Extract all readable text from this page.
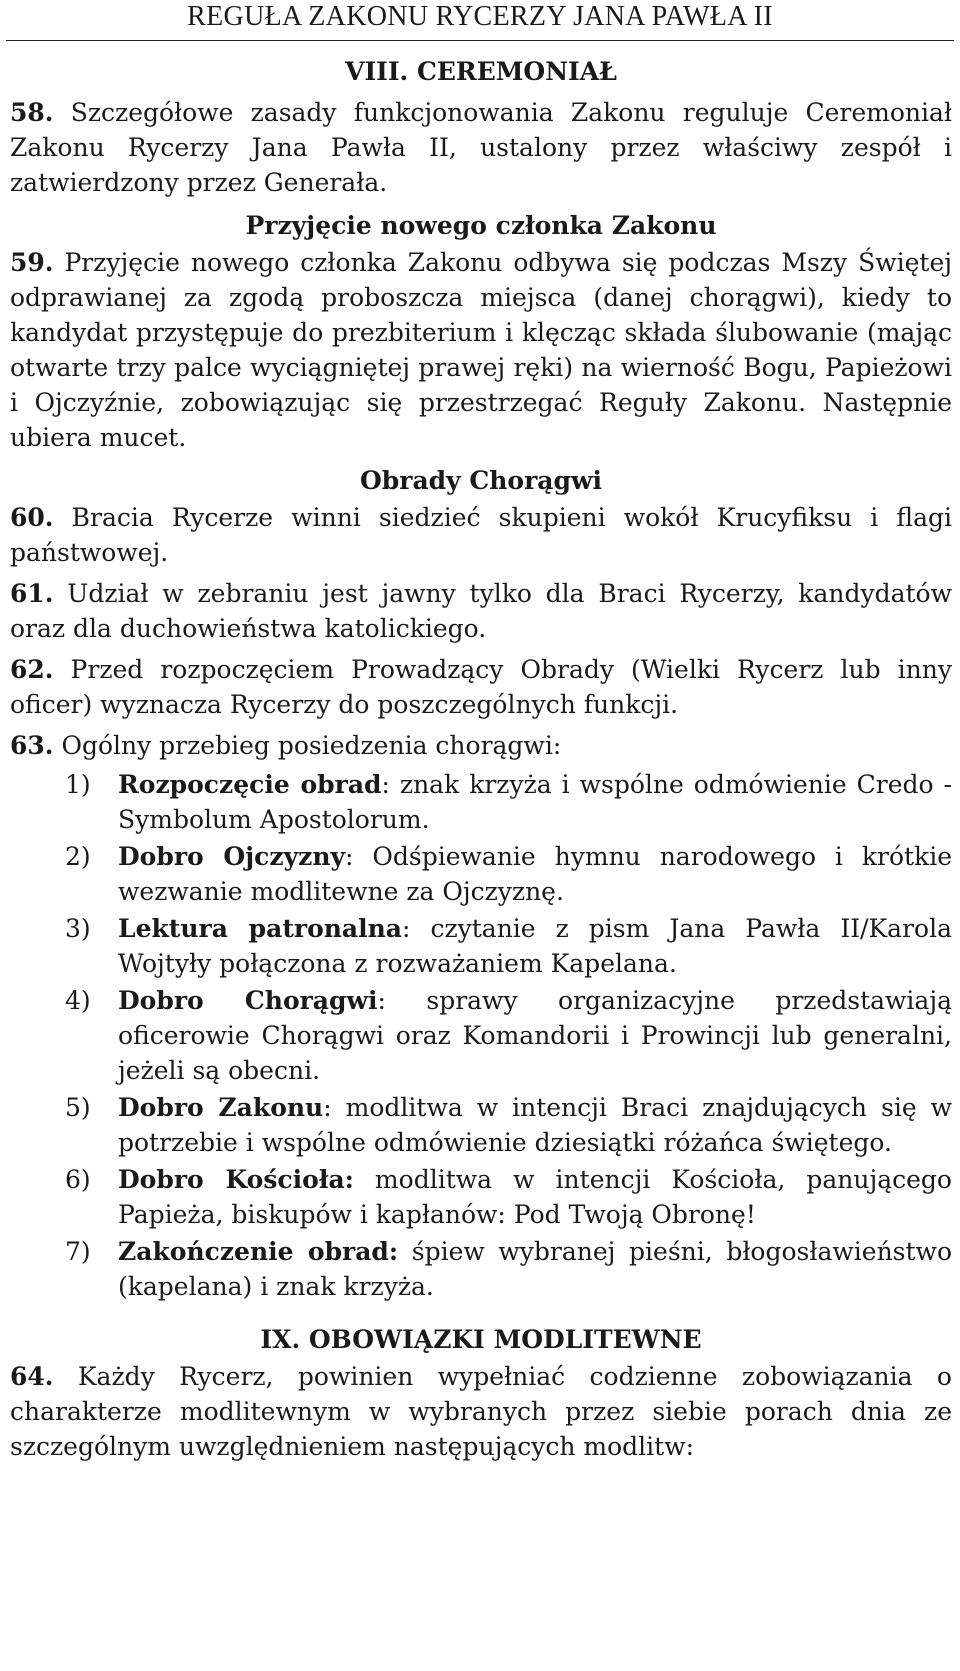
REGUŁA ZAKONU RYCERZY JANA PAWŁA II
VIII. CEREMONIAŁ
58. Szczegółowe zasady funkcjonowania Zakonu reguluje Ceremoniał Zakonu Rycerzy Jana Pawła II, ustalony przez właściwy zespół i zatwierdzony przez Generała.
Przyjęcie nowego członka Zakonu
59. Przyjęcie nowego członka Zakonu odbywa się podczas Mszy Świętej odprawianej za zgodą proboszcza miejsca (danej chorągwi), kiedy to kandydat przystępuje do prezbiterium i klęcząc składa ślubowanie (mając otwarte trzy palce wyciągniętej prawej ręki) na wierność Bogu, Papieżowi i Ojczyźnie, zobowiązując się przestrzegać Reguły Zakonu. Następnie ubiera mucet.
Obrady Chorągwi
60. Bracia Rycerze winni siedzieć skupieni wokół Krucyfiksu i flagi państwowej.
61. Udział w zebraniu jest jawny tylko dla Braci Rycerzy, kandydatów oraz dla duchowieństwa katolickiego.
62. Przed rozpoczęciem Prowadzący Obrady (Wielki Rycerz lub inny oficer) wyznacza Rycerzy do poszczególnych funkcji.
63. Ogólny przebieg posiedzenia chorągwi:
1) Rozpoczęcie obrad: znak krzyża i wspólne odmówienie Credo - Symbolum Apostolorum.
2) Dobro Ojczyzny: Odśpiewanie hymnu narodowego i krótkie wezwanie modlitewne za Ojczyznę.
3) Lektura patronalna: czytanie z pism Jana Pawła II/Karola Wojtyły połączona z rozważaniem Kapelana.
4) Dobro Chorągwi: sprawy organizacyjne przedstawiają oficerowie Chorągwi oraz Komandorii i Prowincji lub generalni, jeżeli są obecni.
5) Dobro Zakonu: modlitwa w intencji Braci znajdujących się w potrzebie i wspólne odmówienie dziesiątki różańca świętego.
6) Dobro Kościoła: modlitwa w intencji Kościoła, panującego Papieża, biskupów i kapłanów: Pod Twoją Obronę!
7) Zakończenie obrad: śpiew wybranej pieśni, błogosławieństwo (kapelana) i znak krzyża.
IX. OBOWIĄZKI MODLITEWNE
64. Każdy Rycerz, powinien wypełniać codzienne zobowiązania o charakterze modlitewnym w wybranych przez siebie porach dnia ze szczególnym uwzględnieniem następujących modlitw:
